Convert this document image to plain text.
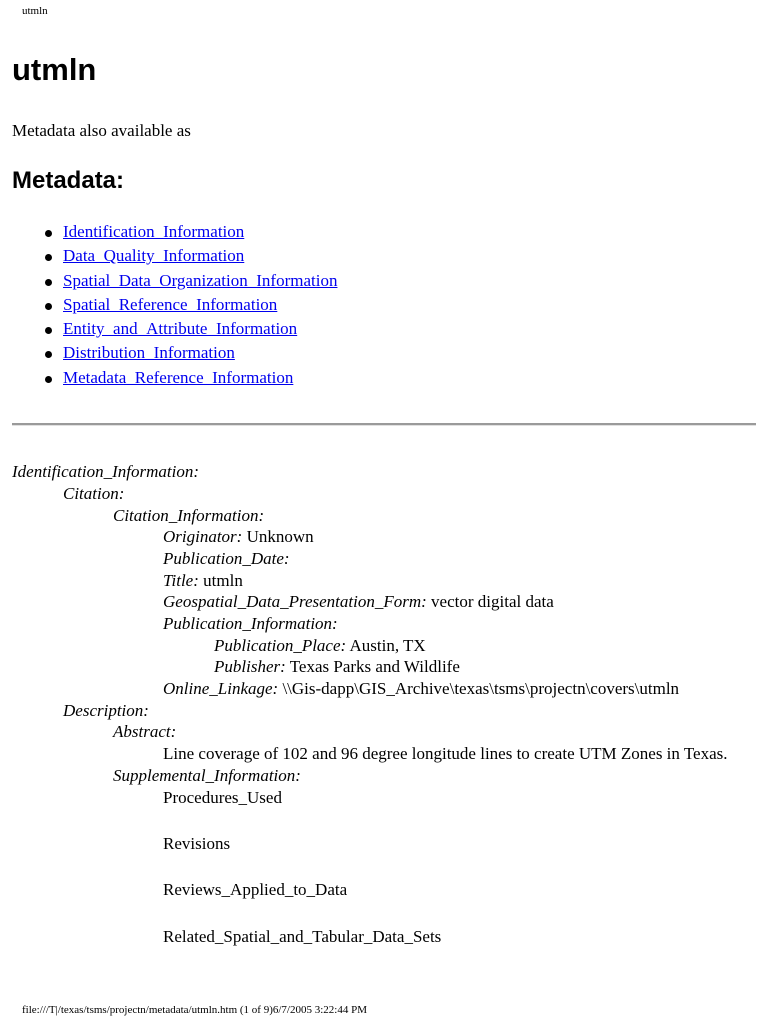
utmln
utmln
Metadata also available as
Metadata:
Identification_Information
Data_Quality_Information
Spatial_Data_Organization_Information
Spatial_Reference_Information
Entity_and_Attribute_Information
Distribution_Information
Metadata_Reference_Information
Identification_Information:
Citation:
Citation_Information:
Originator: Unknown
Publication_Date:
Title: utmln
Geospatial_Data_Presentation_Form: vector digital data
Publication_Information:
Publication_Place: Austin, TX
Publisher: Texas Parks and Wildlife
Online_Linkage: \\Gis-dapp\GIS_Archive\texas\tsms\projectn\covers\utmln
Description:
Abstract:
Line coverage of 102 and 96 degree longitude lines to create UTM Zones in Texas.
Supplemental_Information:
Procedures_Used
Revisions
Reviews_Applied_to_Data
Related_Spatial_and_Tabular_Data_Sets
file:///T|/texas/tsms/projectn/metadata/utmln.htm (1 of 9)6/7/2005 3:22:44 PM
